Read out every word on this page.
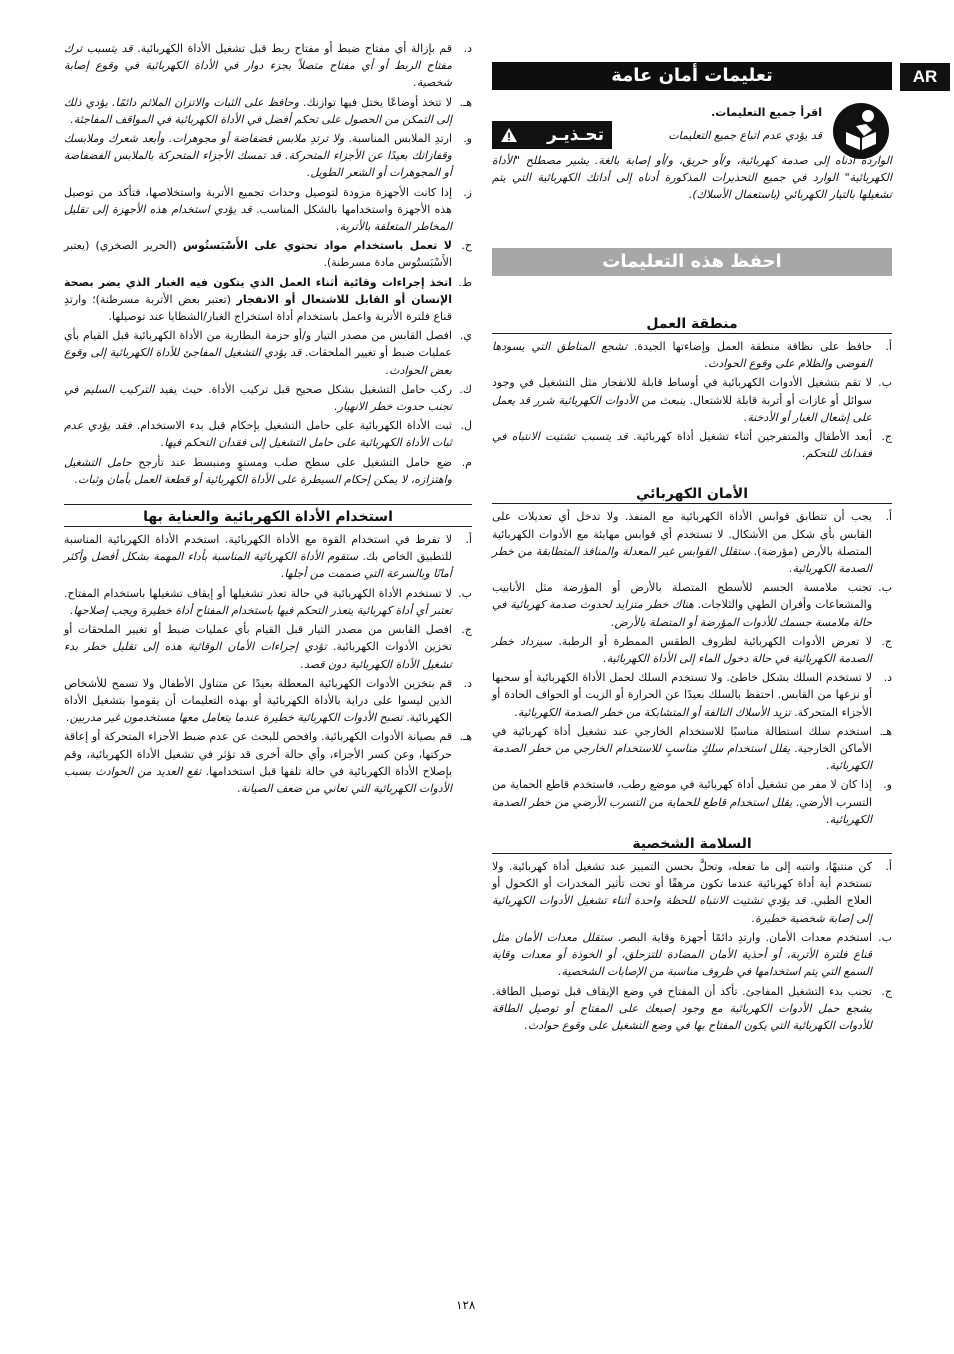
AR
تعليمات أمان عامة
اقرأ جميع التعليمات.
قد يؤدي عدم اتباع جميع التعليمات
تحـذيـر
الواردة أدناه إلى صدمة كهربائية، و/أو حريق، و/أو إصابة بالغة. يشير مصطلح "الأداة الكهربائية" الوارد في جميع التحذيرات المذكورة أدناه إلى أداتك الكهربائية التي يتم تشغيلها بالتيار الكهربائي (باستعمال الأسلاك).
احفظ هذه التعليمات
منطقة العمل
أ.
حافظ على نظافة منطقة العمل وإضاءتها الجيدة. تشجع المناطق التي يسودها الفوضى والظلام على وقوع الحوادث.
ب.
لا تقم بتشغيل الأدوات الكهربائية في أوساط قابلة للانفجار مثل التشغيل في وجود سوائل أو غازات أو أتربة قابلة للاشتعال. ينبعث من الأدوات الكهربائية شرر قد يعمل على إشعال الغبار أو الأدخنة.
ج.
أبعد الأطفال والمتفرجين أثناء تشغيل أداة كهربائية. قد يتسبب تشتيت الانتباه في فقدانك للتحكم.
الأمان الكهربائي
أ.
يجب أن تتطابق قوابس الأداة الكهربائية مع المنفذ. ولا تدخل أي تعديلات على القابس بأي شكل من الأشكال. لا تستخدم أي قوابس مهايئة مع الأدوات الكهربائية المتصلة بالأرض (مؤرضة). ستقلل القوابس غير المعدلة والمنافذ المتطابقة من خطر الصدمة الكهربائية.
ب.
تجنب ملامسة الجسم للأسطح المتصلة بالأرض أو المؤرضة مثل الأنابيب والمشعاعات وأفران الطهي والثلاجات. هناك خطر متزايد لحدوث صدمة كهربائية في حالة ملامسة جسمك للأدوات المؤرضة أو المتصلة بالأرض.
ج.
لا تعرض الأدوات الكهربائية لظروف الطقس الممطرة أو الرطبة. سيزداد خطر الصدمة الكهربائية في حالة دخول الماء إلى الأداة الكهربائية.
د.
لا تستخدم السلك بشكل خاطئ. ولا تستخدم السلك لحمل الأداة الكهربائية أو سحبها أو نزعها من القابس. احتفظ بالسلك بعيدًا عن الحرارة أو الزيت أو الحواف الحادة أو الأجزاء المتحركة. تزيد الأسلاك التالفة أو المتشابكة من خطر الصدمة الكهربائية.
هـ.
استخدم سلك استطالة مناسبًا للاستخدام الخارجي عند تشغيل أداة كهربائية في الأماكن الخارجية. يقلل استخدام سلكٍ مناسبٍ للاستخدام الخارجي من خطر الصدمة الكهربائية.
و.
إذا كان لا مفر من تشغيل أداة كهربائية في موضع رطب، فاستخدم قاطع الحماية من التسرب الأرضي. يقلل استخدام قاطع للحماية من التسرب الأرضي من خطر الصدمة الكهربائية.
السلامة الشخصية
أ.
كن منتبهًا، وانتبه إلى ما تفعله، وتحلَّ بحسن التمييز عند تشغيل أداة كهربائية. ولا تستخدم أية أداة كهربائية عندما تكون مرهقًا أو تحت تأثير المخدرات أو الكحول أو العلاج الطبي. قد يؤدي تشتيت الانتباه للحظة واحدة أثناء تشغيل الأدوات الكهربائية إلى إصابة شخصية خطيرة.
ب.
استخدم معدات الأمان. وارتدِ دائمًا أجهزة وقاية البصر. ستقلل معدات الأمان مثل قناع فلترة الأتربة، أو أحذية الأمان المضادة للتزحلق، أو الخوذة أو معدات وقاية السمع التي يتم استخدامها في ظروف مناسبة من الإصابات الشخصية.
ج.
تجنب بدء التشغيل المفاجئ. تأكد أن المفتاح في وضع الإيقاف قبل توصيل الطاقة. يشجع حمل الأدوات الكهربائية مع وجود إصبعك على المفتاح أو توصيل الطاقة للأدوات الكهربائية التي يكون المفتاح بها في وضع التشغيل على وقوع حوادث.
د.
قم بإزالة أي مفتاح ضبط أو مفتاح ربط قبل تشغيل الأداة الكهربائية. قد يتسبب ترك مفتاح الربط أو أي مفتاح متصلاً بجزء دوار في الأداة الكهربائية في وقوع إصابة شخصية.
هـ.
لا تتخذ أوضاعًا يختل فيها توازنك. وحافظ على الثبات والاتزان الملائم دائمًا. يؤدي ذلك إلى التمكن من الحصول على تحكم أفضل في الأداة الكهربائية في المواقف المفاجئة.
و.
ارتدِ الملابس المناسبة. ولا ترتدِ ملابس فضفاضة أو مجوهرات. وأبعد شعرك وملابسك وقفازاتك بعيدًا عن الأجزاء المتحركة. قد تمسك الأجزاء المتحركة بالملابس الفضفاضة أو المجوهرات أو الشعر الطويل.
ز.
إذا كانت الأجهزة مزودة لتوصيل وحدات تجميع الأتربة واستخلاصها، فتأكد من توصيل هذه الأجهزة واستخدامها بالشكل المناسب. قد يؤدي استخدام هذه الأجهزة إلى تقليل المخاطر المتعلقة بالأتربة.
ح.
لا تعمل باستخدام مواد تحتوي على الأَسْبَستُوس (الحرير الصخري) (يعتبر الأَسْبَستُوس مادة مسرطنة).
ط.
اتخذ إجراءات وقائية أثناء العمل الذي يتكون فيه الغبار الذي يضر بصحة الإنسان أو القابل للاشتعال أو الانفجار (تعتبر بعض الأتربة مسرطنة)؛ وارتدِ قناع فلترة الأتربة واعمل باستخدام أداة استخراج الغبار/الشظايا عند توصيلها.
ي.
افصل القابس من مصدر التيار و/أو حزمة البطارية من الأداة الكهربائية قبل القيام بأي عمليات ضبط أو تغيير الملحقات. قد يؤدي التشغيل المفاجئ للأداة الكهربائية إلى وقوع بعض الحوادث.
ك.
ركب حامل التشغيل بشكل صحيح قبل تركيب الأداة. حيث يفيد التركيب السليم في تجنب حدوث خطر الانهيار.
ل.
ثبت الأداة الكهربائية على حامل التشغيل بإحكام قبل بدء الاستخدام. فقد يؤدي عدم ثبات الأداة الكهربائية على حامل التشغيل إلى فقدان التحكم فيها.
م.
ضع حامل التشغيل على سطح صلب ومستوٍ ومنبسط عند تأرجح حامل التشغيل واهتزازه، لا يمكن إحكام السيطرة على الأداة الكهربائية أو قطعة العمل بأمان وثبات.
استخدام الأداة الكهربائية والعناية بها
أ.
لا تفرط في استخدام القوة مع الأداة الكهربائية. استخدم الأداة الكهربائية المناسبة للتطبيق الخاص بك. ستقوم الأداة الكهربائية المناسبة بأداء المهمة بشكل أفضل وأكثر أمانًا وبالسرعة التي صممت من أجلها.
ب.
لا تستخدم الأداة الكهربائية في حالة تعذر تشغيلها أو إيقاف تشغيلها باستخدام المفتاح. تعتبر أي أداة كهربائية يتعذر التحكم فيها باستخدام المفتاح أداة خطيرة ويجب إصلاحها.
ج.
افصل القابس من مصدر التيار قبل القيام بأي عمليات ضبط أو تغيير الملحقات أو تخزين الأدوات الكهربائية. تؤدي إجراءات الأمان الوقائية هذه إلى تقليل خطر بدء تشغيل الأداة الكهربائية دون قصد.
د.
قم بتخزين الأدوات الكهربائية المعطلة بعيدًا عن متناول الأطفال ولا تسمح للأشخاص الذين ليسوا على دراية بالأداة الكهربائية أو بهذه التعليمات أن يقوموا بتشغيل الأداة الكهربائية. تصبح الأدوات الكهربائية خطيرة عندما يتعامل معها مستخدمون غير مدربين.
هـ.
قم بصيانة الأدوات الكهربائية. وافحص للبحث عن عدم ضبط الأجزاء المتحركة أو إعاقة حركتها، وعن كسر الأجزاء، وأي حالة أخرى قد تؤثر في تشغيل الأداة الكهربائية، وقم بإصلاح الأداة الكهربائية في حالة تلفها قبل استخدامها. تقع العديد من الحوادث بسبب الأدوات الكهربائية التي تعاني من ضعف الصيانة.
١٢٨
